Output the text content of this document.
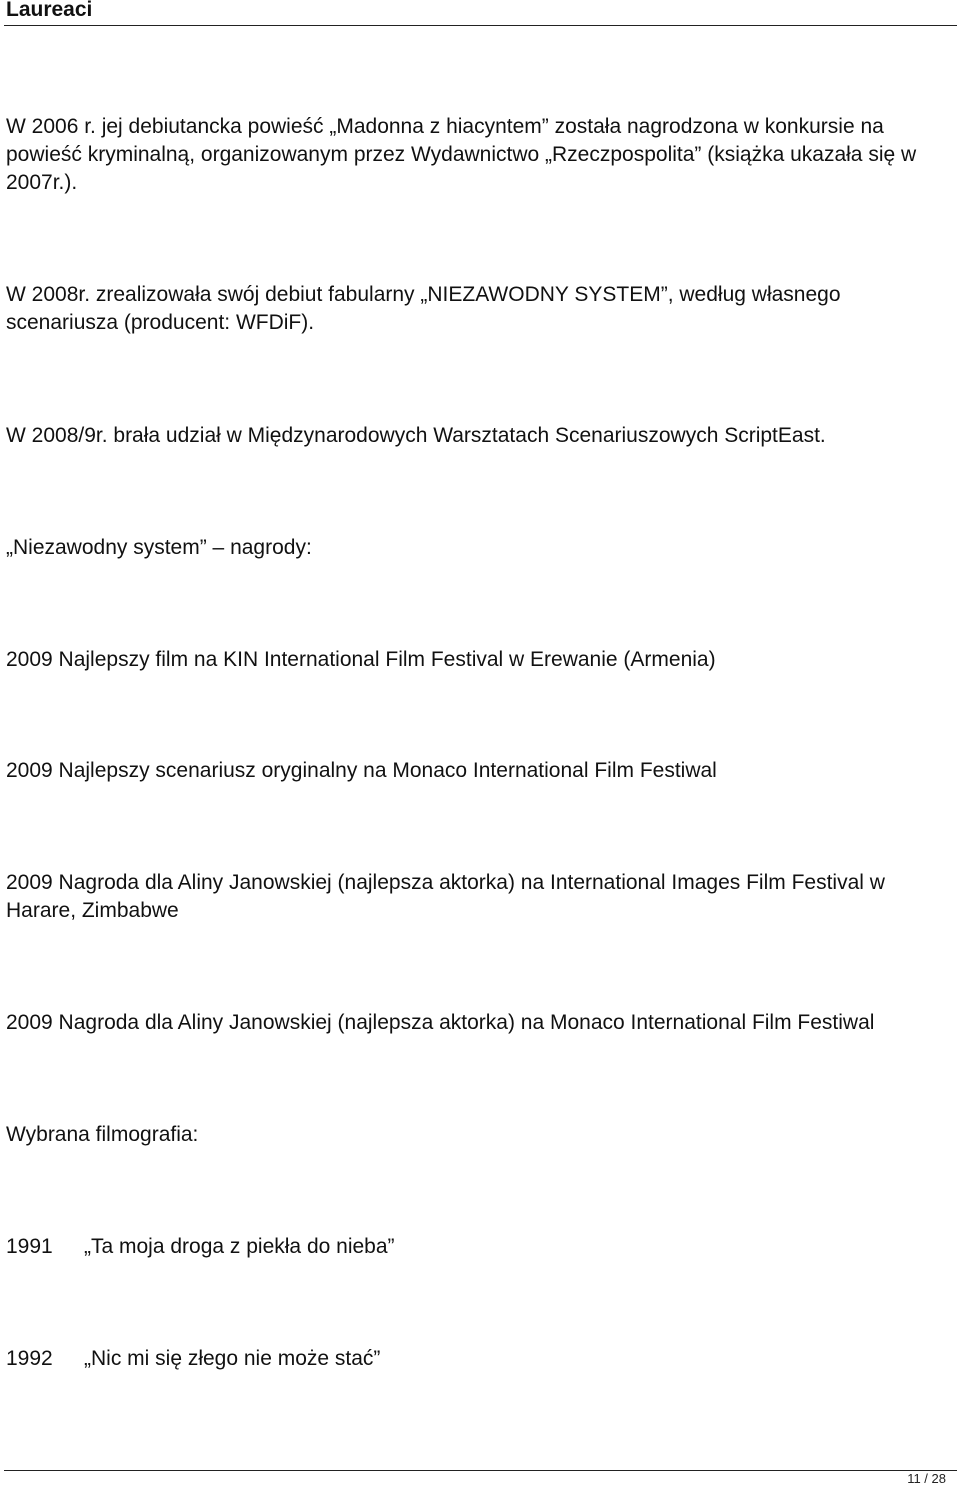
Laureaci

W 2006 r. jej debiutancka powieść „Madonna z hiacyntem” została nagrodzona w konkursie na powieść kryminalną, organizowanym przez Wydawnictwo „Rzeczpospolita” (książka ukazała się w 2007r.).

W 2008r. zrealizowała swój debiut fabularny „NIEZAWODNY SYSTEM”, według własnego scenariusza (producent: WFDiF).

W 2008/9r. brała udział w Międzynarodowych Warsztatach Scenariuszowych ScriptEast.

„Niezawodny system” – nagrody:

2009 Najlepszy film na KIN International Film Festival w Erewanie (Armenia)

2009 Najlepszy scenariusz oryginalny na Monaco International Film Festiwal

2009 Nagroda dla Aliny Janowskiej (najlepsza aktorka) na International Images Film Festival w Harare, Zimbabwe

2009 Nagroda dla Aliny Janowskiej (najlepsza aktorka) na Monaco International Film Festiwal

Wybrana filmografia:

1991	„Ta moja droga z piekła do nieba”
1992	„Nic mi się złego nie może stać”
11 / 28
